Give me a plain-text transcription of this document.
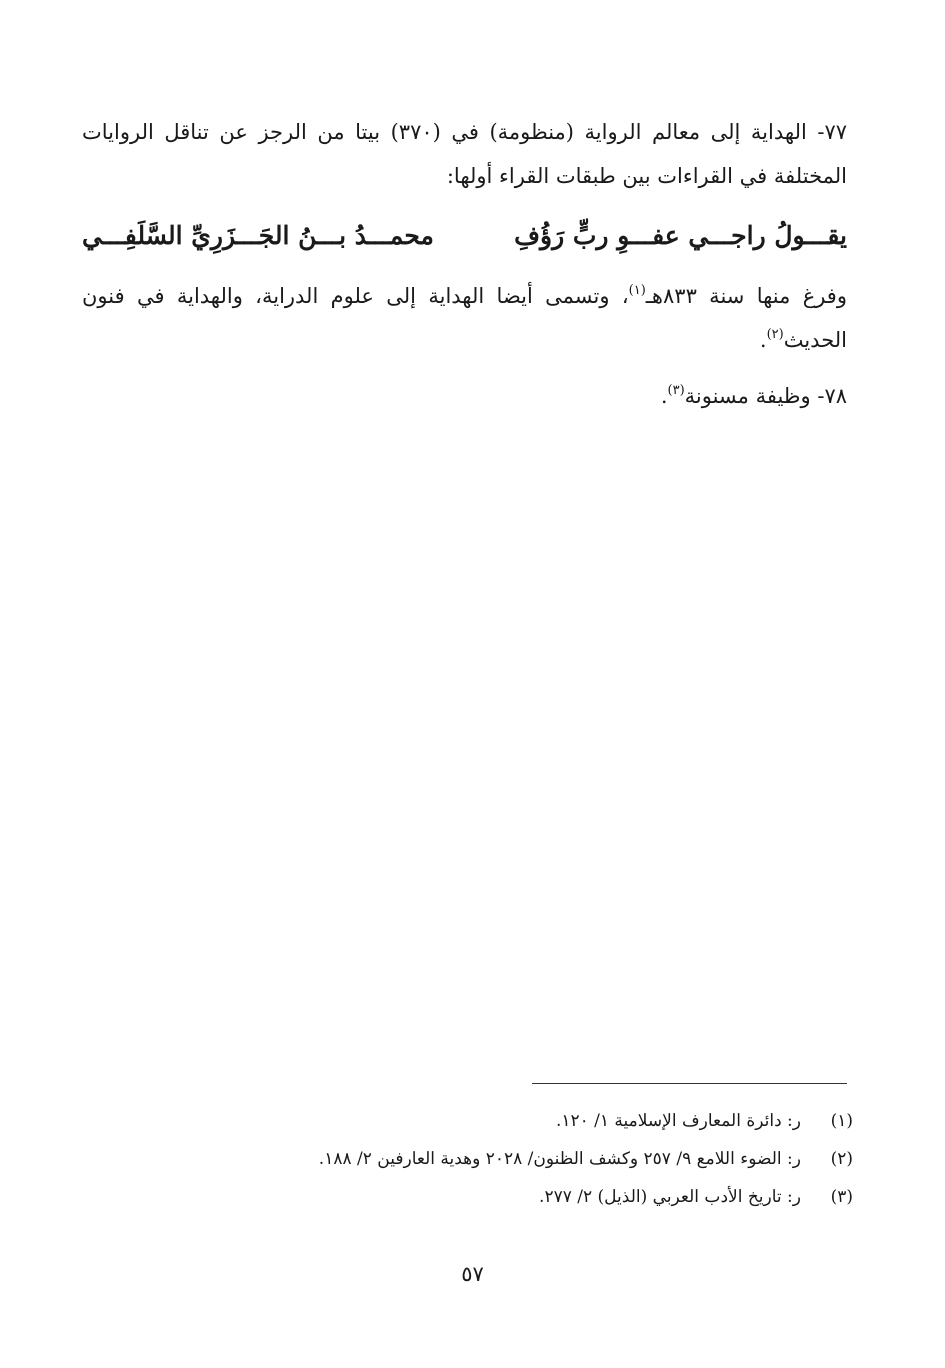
٧٧- الهداية إلى معالم الرواية (منظومة) في (٣٧٠) بيتا من الرجز عن تناقل الروايات المختلفة في القراءات بين طبقات القراء أولها:
يقـــولُ راجـــي عفـــوِ ربٍّ رَؤُفِ
محمـــدُ بـــنُ الجَـــزَرِيِّ السَّلَفِـــي
وفرغ منها سنة ٨٣٣هـ$^{(١)}$، وتسمى أيضا الهداية إلى علوم الدراية، والهداية في فنون الحديث$^{(٢)}$.
٧٨- وظيفة مسنونة$^{(٣)}$.
(١)ر: دائرة المعارف الإسلامية ١/ ١٢٠.
(٢)ر: الضوء اللامع ٩/ ٢٥٧ وكشف الظنون/ ٢٠٢٨ وهدية العارفين ٢/ ١٨٨.
(٣)ر: تاريخ الأدب العربي (الذيل) ٢/ ٢٧٧.
٥٧
